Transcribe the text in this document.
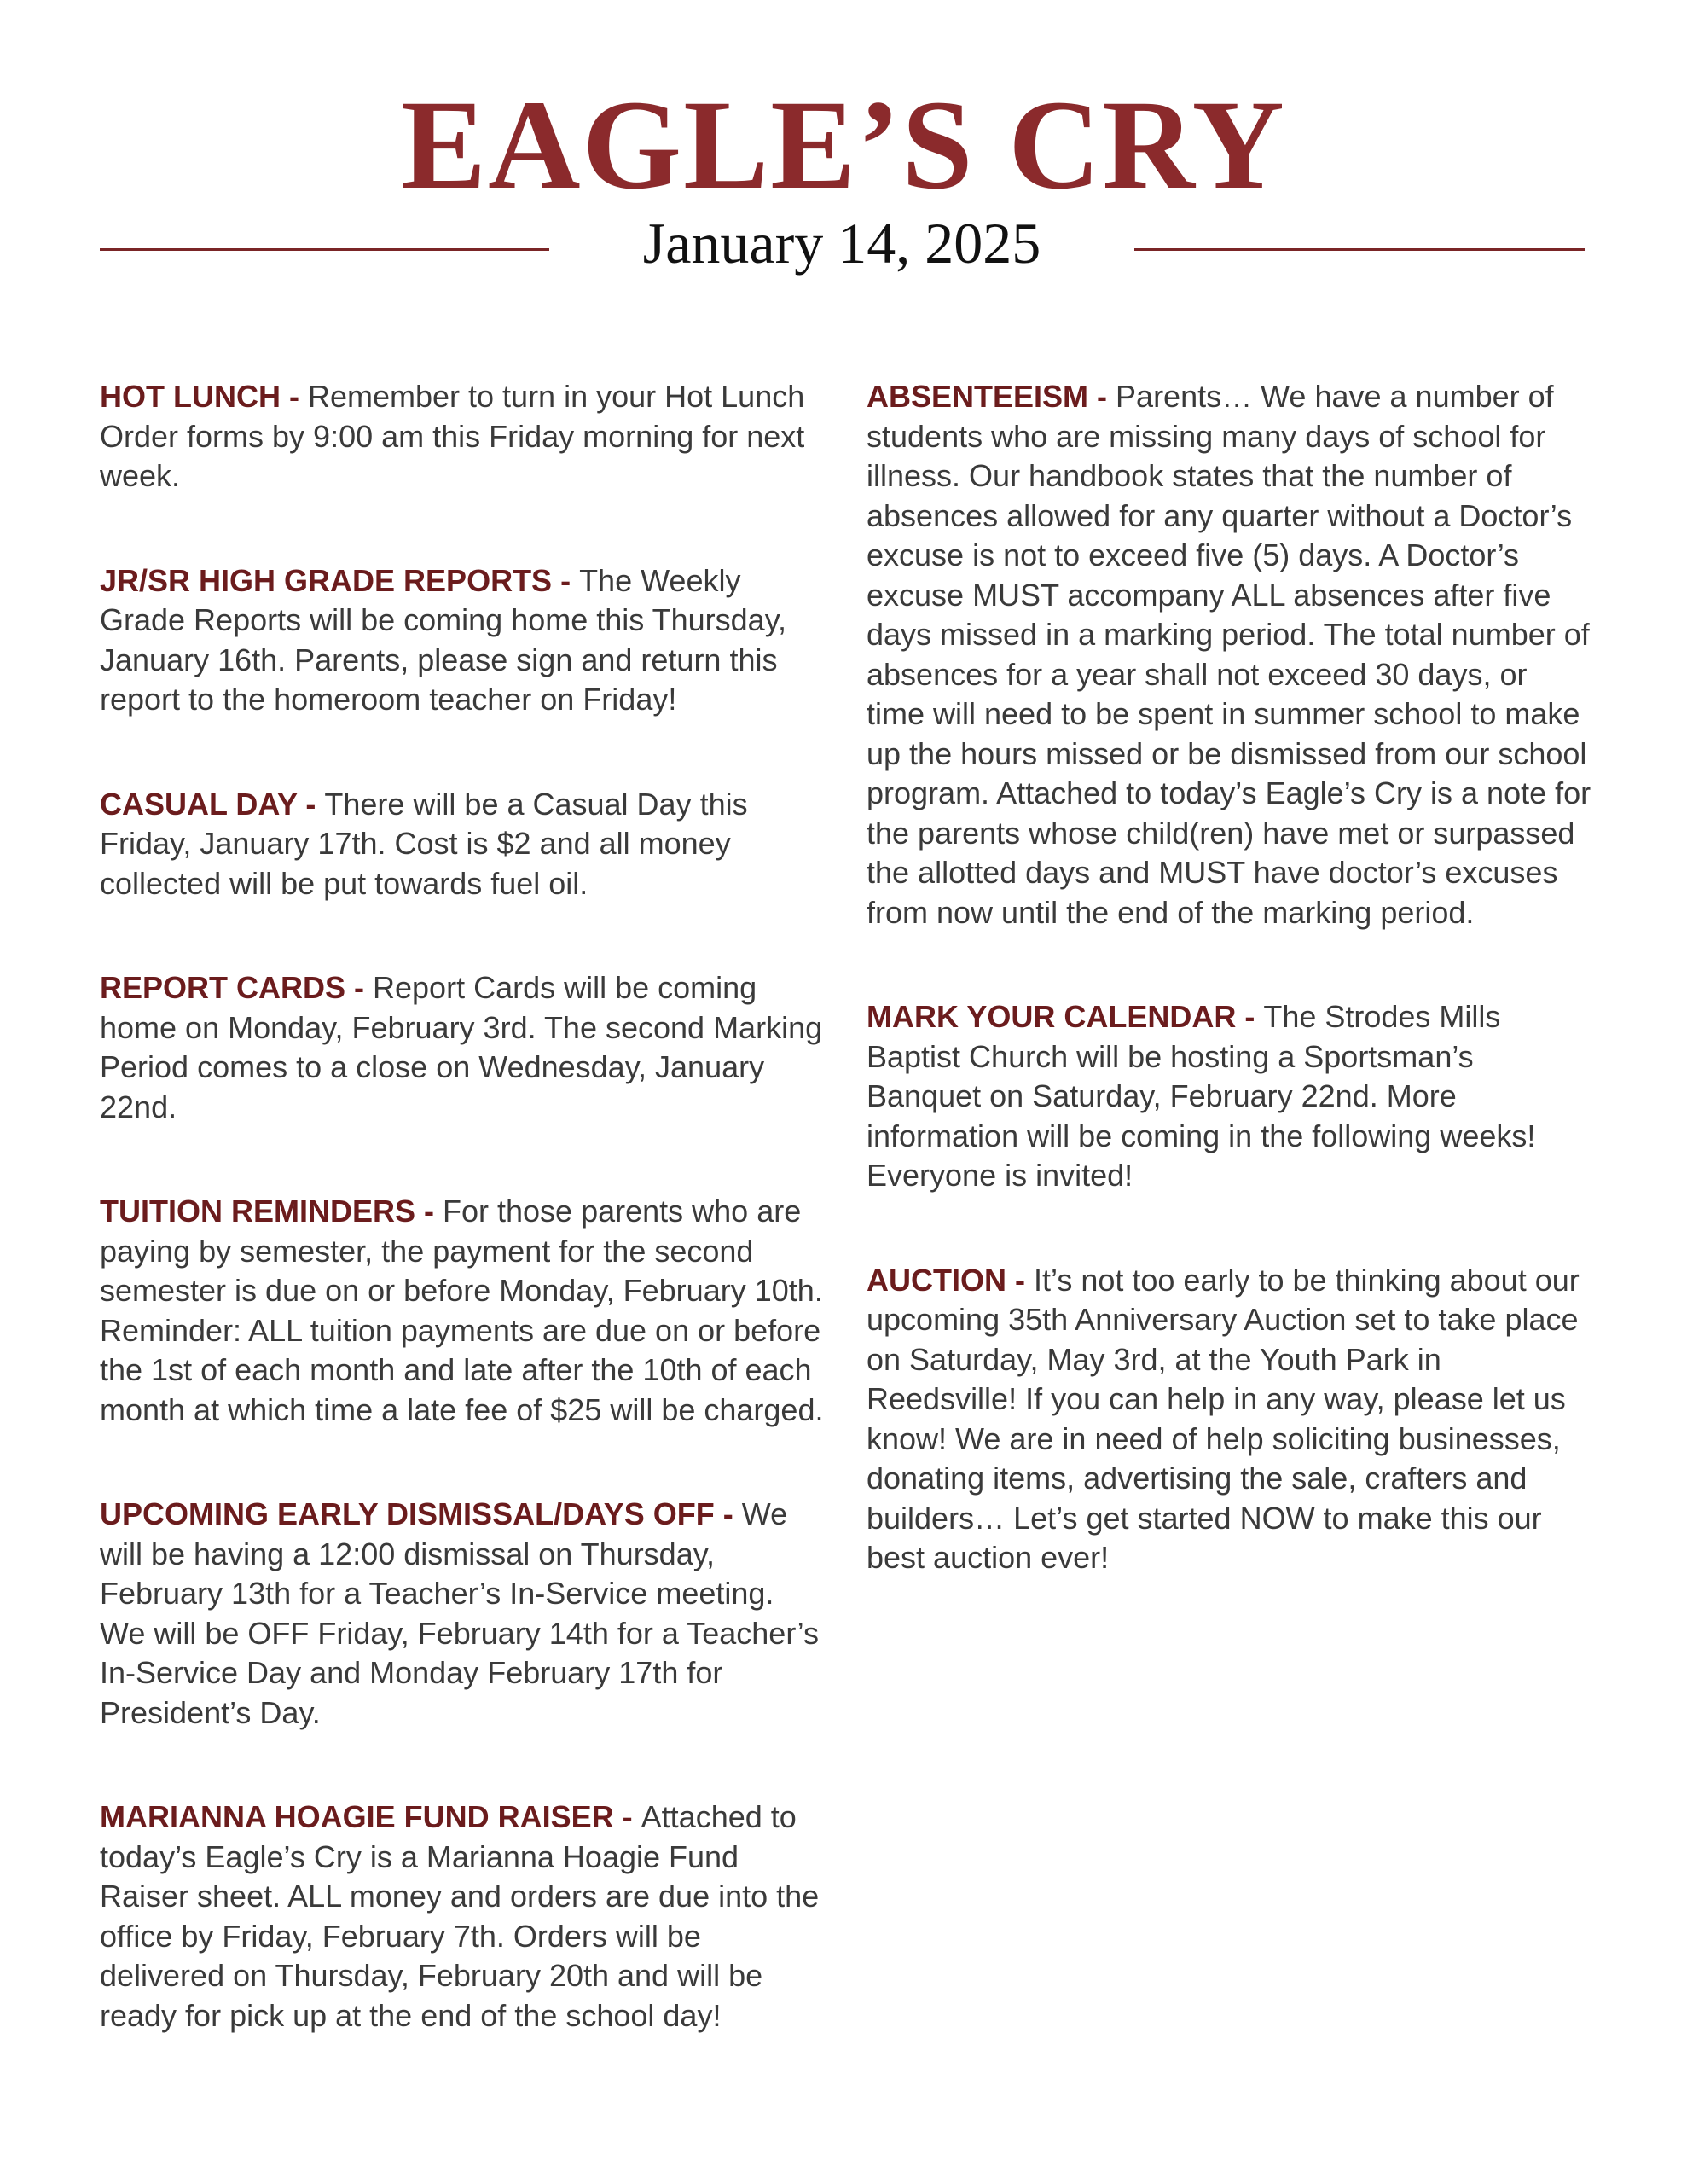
EAGLE’S CRY
January 14, 2025

HOT LUNCH - Remember to turn in your Hot Lunch Order forms by 9:00 am this Friday morning for next week.

JR/SR HIGH GRADE REPORTS - The Weekly Grade Reports will be coming home this Thursday, January 16th. Parents, please sign and return this report to the homeroom teacher on Friday!

CASUAL DAY - There will be a Casual Day this Friday, January 17th. Cost is $2 and all money collected will be put towards fuel oil.

REPORT CARDS - Report Cards will be coming home on Monday, February 3rd. The second Marking Period comes to a close on Wednesday, January 22nd.

TUITION REMINDERS - For those parents who are paying by semester, the payment for the second semester is due on or before Monday, February 10th. Reminder: ALL tuition payments are due on or before the 1st of each month and late after the 10th of each month at which time a late fee of $25 will be charged.

UPCOMING EARLY DISMISSAL/DAYS OFF - We will be having a 12:00 dismissal on Thursday, February 13th for a Teacher’s In-Service meeting. We will be OFF Friday, February 14th for a Teacher’s In-Service Day and Monday February 17th for President’s Day.

MARIANNA HOAGIE FUND RAISER - Attached to today’s Eagle’s Cry is a Marianna Hoagie Fund Raiser sheet. ALL money and orders are due into the office by Friday, February 7th. Orders will be delivered on Thursday, February 20th and will be ready for pick up at the end of the school day!

ABSENTEEISM - Parents… We have a number of students who are missing many days of school for illness. Our handbook states that the number of absences allowed for any quarter without a Doctor’s excuse is not to exceed five (5) days. A Doctor’s excuse MUST accompany ALL absences after five days missed in a marking period. The total number of absences for a year shall not exceed 30 days, or time will need to be spent in summer school to make up the hours missed or be dismissed from our school program. Attached to today’s Eagle’s Cry is a note for the parents whose child(ren) have met or surpassed the allotted days and MUST have doctor’s excuses from now until the end of the marking period.

MARK YOUR CALENDAR - The Strodes Mills Baptist Church will be hosting a Sportsman’s Banquet on Saturday, February 22nd. More information will be coming in the following weeks! Everyone is invited!

AUCTION - It’s not too early to be thinking about our upcoming 35th Anniversary Auction set to take place on Saturday, May 3rd, at the Youth Park in Reedsville! If you can help in any way, please let us know! We are in need of help soliciting businesses, donating items, advertising the sale, crafters and builders… Let’s get started NOW to make this our best auction ever!
